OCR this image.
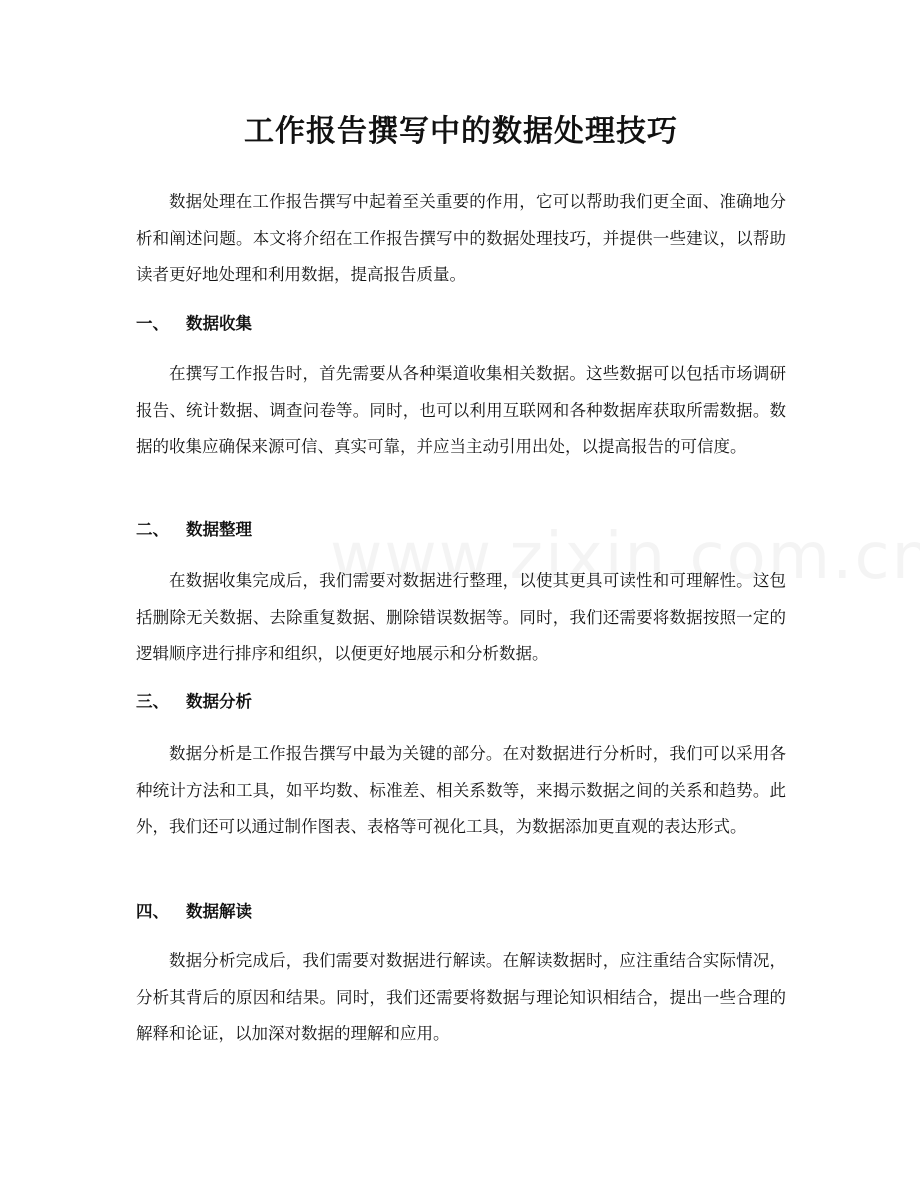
工作报告撰写中的数据处理技巧

数据处理在工作报告撰写中起着至关重要的作用，它可以帮助我们更全面、准确地分析和阐述问题。本文将介绍在工作报告撰写中的数据处理技巧，并提供一些建议，以帮助读者更好地处理和利用数据，提高报告质量。

一、 数据收集

在撰写工作报告时，首先需要从各种渠道收集相关数据。这些数据可以包括市场调研报告、统计数据、调查问卷等。同时，也可以利用互联网和各种数据库获取所需数据。数据的收集应确保来源可信、真实可靠，并应当主动引用出处，以提高报告的可信度。

二、 数据整理

在数据收集完成后，我们需要对数据进行整理，以使其更具可读性和可理解性。这包括删除无关数据、去除重复数据、删除错误数据等。同时，我们还需要将数据按照一定的逻辑顺序进行排序和组织，以便更好地展示和分析数据。

三、 数据分析

数据分析是工作报告撰写中最为关键的部分。在对数据进行分析时，我们可以采用各种统计方法和工具，如平均数、标准差、相关系数等，来揭示数据之间的关系和趋势。此外，我们还可以通过制作图表、表格等可视化工具，为数据添加更直观的表达形式。

四、 数据解读

数据分析完成后，我们需要对数据进行解读。在解读数据时，应注重结合实际情况，分析其背后的原因和结果。同时，我们还需要将数据与理论知识相结合，提出一些合理的解释和论证，以加深对数据的理解和应用。
